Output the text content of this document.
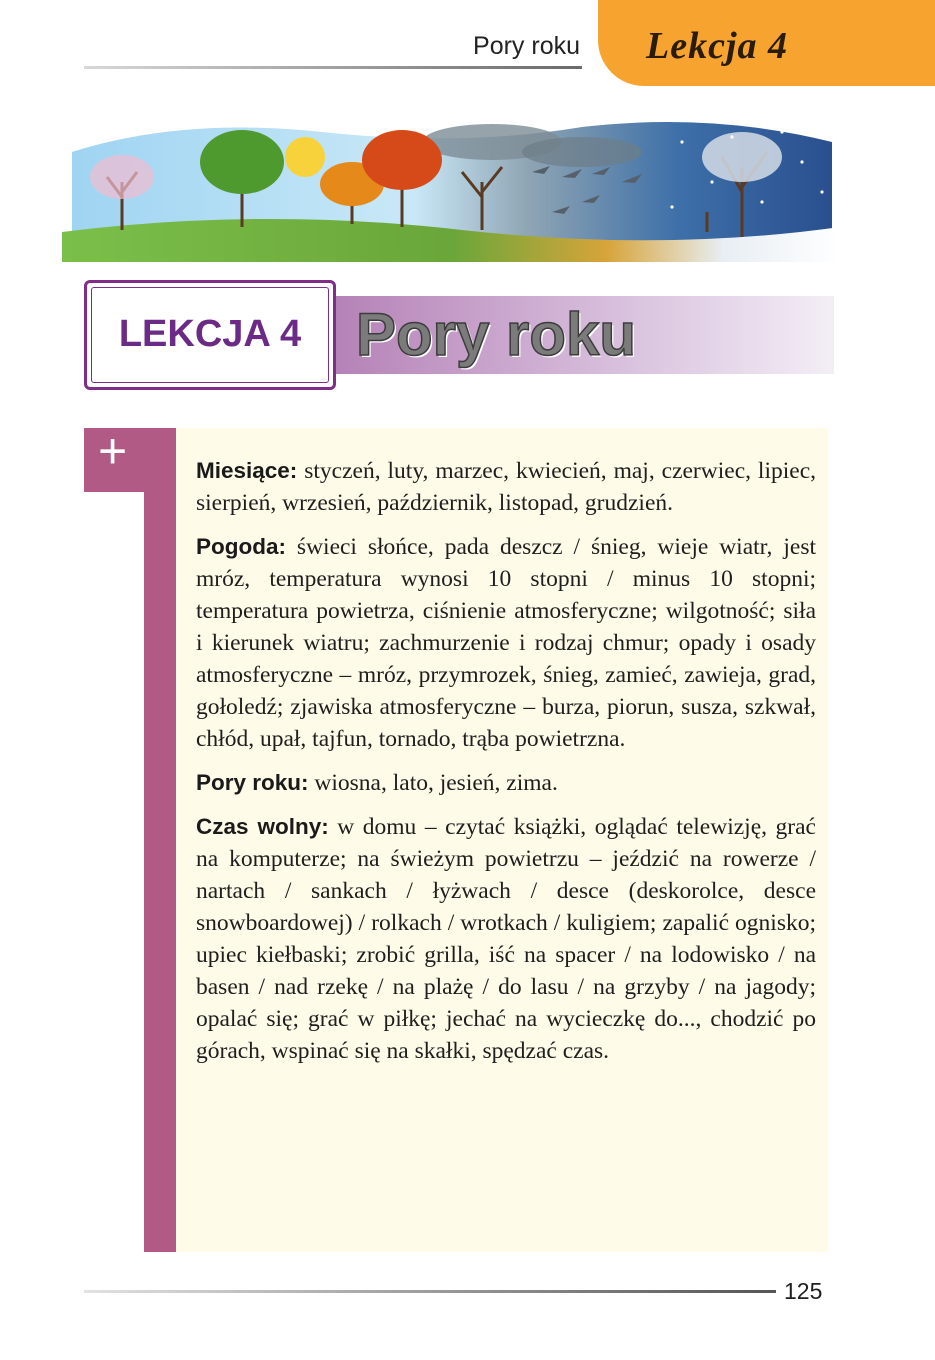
Pory roku Lekcja 4
LEKCJA 4 Pory roku
+	Miesiące: styczeń, luty, marzec, kwiecień, maj, czerwiec, lipiec, sierpień, wrzesień, październik, listopad, grudzień.

Pogoda: świeci słońce, pada deszcz / śnieg, wieje wiatr, jest mróz, temperatura wynosi 10 stopni / minus 10 stopni; temperatura powietrza, ciśnienie atmosferyczne; wilgotność; siła i kierunek wiatru; zachmurzenie i rodzaj chmur; opady i osady atmosferyczne – mróz, przymrozek, śnieg, zamieć, zawieja, grad, gołoledź; zjawiska atmosferyczne – burza, piorun, susza, szkwał, chłód, upał, tajfun, tornado, trąba powietrzna.

Pory roku: wiosna, lato, jesień, zima.

Czas wolny: w domu – czytać książki, oglądać telewizję, grać na komputerze; na świeżym powietrzu – jeździć na rowerze / nartach / sankach / łyżwach / desce (deskorolce, desce snowboardowej) / rolkach / wrotkach / kuligiem; zapalić ognisko; upiec kiełbaski; zrobić grilla, iść na spacer / na lodowisko / na basen / nad rzekę / na plażę / do lasu / na grzyby / na jagody; opalać się; grać w piłkę; jechać na wycieczkę do..., chodzić po górach, wspinać się na skałki, spędzać czas.

125
